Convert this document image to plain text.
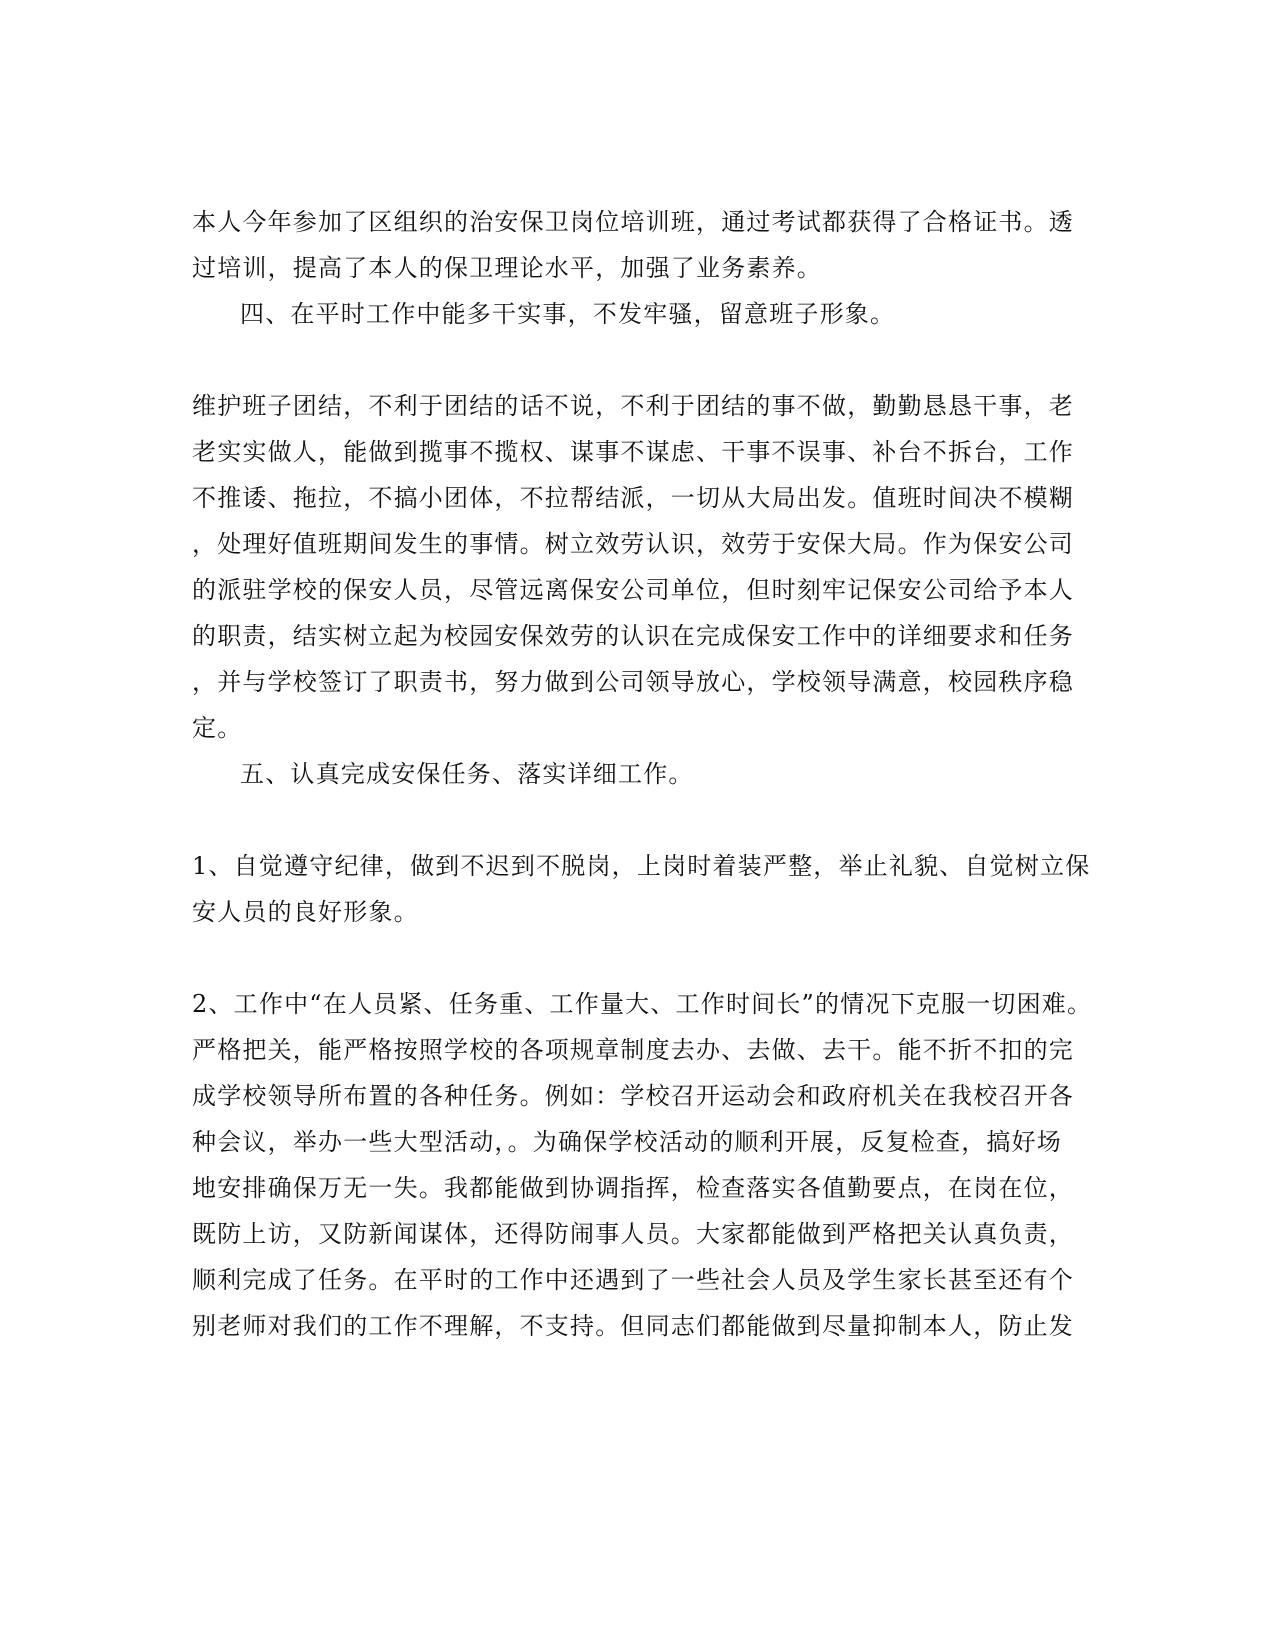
本人今年参加了区组织的治安保卫岗位培训班，通过考试都获得了合格证书。透
过培训，提高了本人的保卫理论水平，加强了业务素养。
四、在平时工作中能多干实事，不发牢骚，留意班子形象。
维护班子团结，不利于团结的话不说，不利于团结的事不做，勤勤恳恳干事，老
老实实做人，能做到揽事不揽权、谋事不谋虑、干事不误事、补台不拆台，工作
不推诿、拖拉，不搞小团体，不拉帮结派，一切从大局出发。值班时间决不模糊
，处理好值班期间发生的事情。树立效劳认识，效劳于安保大局。作为保安公司
的派驻学校的保安人员，尽管远离保安公司单位，但时刻牢记保安公司给予本人
的职责，结实树立起为校园安保效劳的认识在完成保安工作中的详细要求和任务
，并与学校签订了职责书，努力做到公司领导放心，学校领导满意，校园秩序稳
定。
五、认真完成安保任务、落实详细工作。
1、自觉遵守纪律，做到不迟到不脱岗，上岗时着装严整，举止礼貌、自觉树立保
安人员的良好形象。
2、工作中“在人员紧、任务重、工作量大、工作时间长”的情况下克服一切困难。
严格把关，能严格按照学校的各项规章制度去办、去做、去干。能不折不扣的完
成学校领导所布置的各种任务。例如：学校召开运动会和政府机关在我校召开各
种会议，举办一些大型活动，。为确保学校活动的顺利开展，反复检查，搞好场
地安排确保万无一失。我都能做到协调指挥，检查落实各值勤要点，在岗在位，
既防上访，又防新闻谋体，还得防闹事人员。大家都能做到严格把关认真负责，
顺利完成了任务。在平时的工作中还遇到了一些社会人员及学生家长甚至还有个
别老师对我们的工作不理解，不支持。但同志们都能做到尽量抑制本人，防止发
